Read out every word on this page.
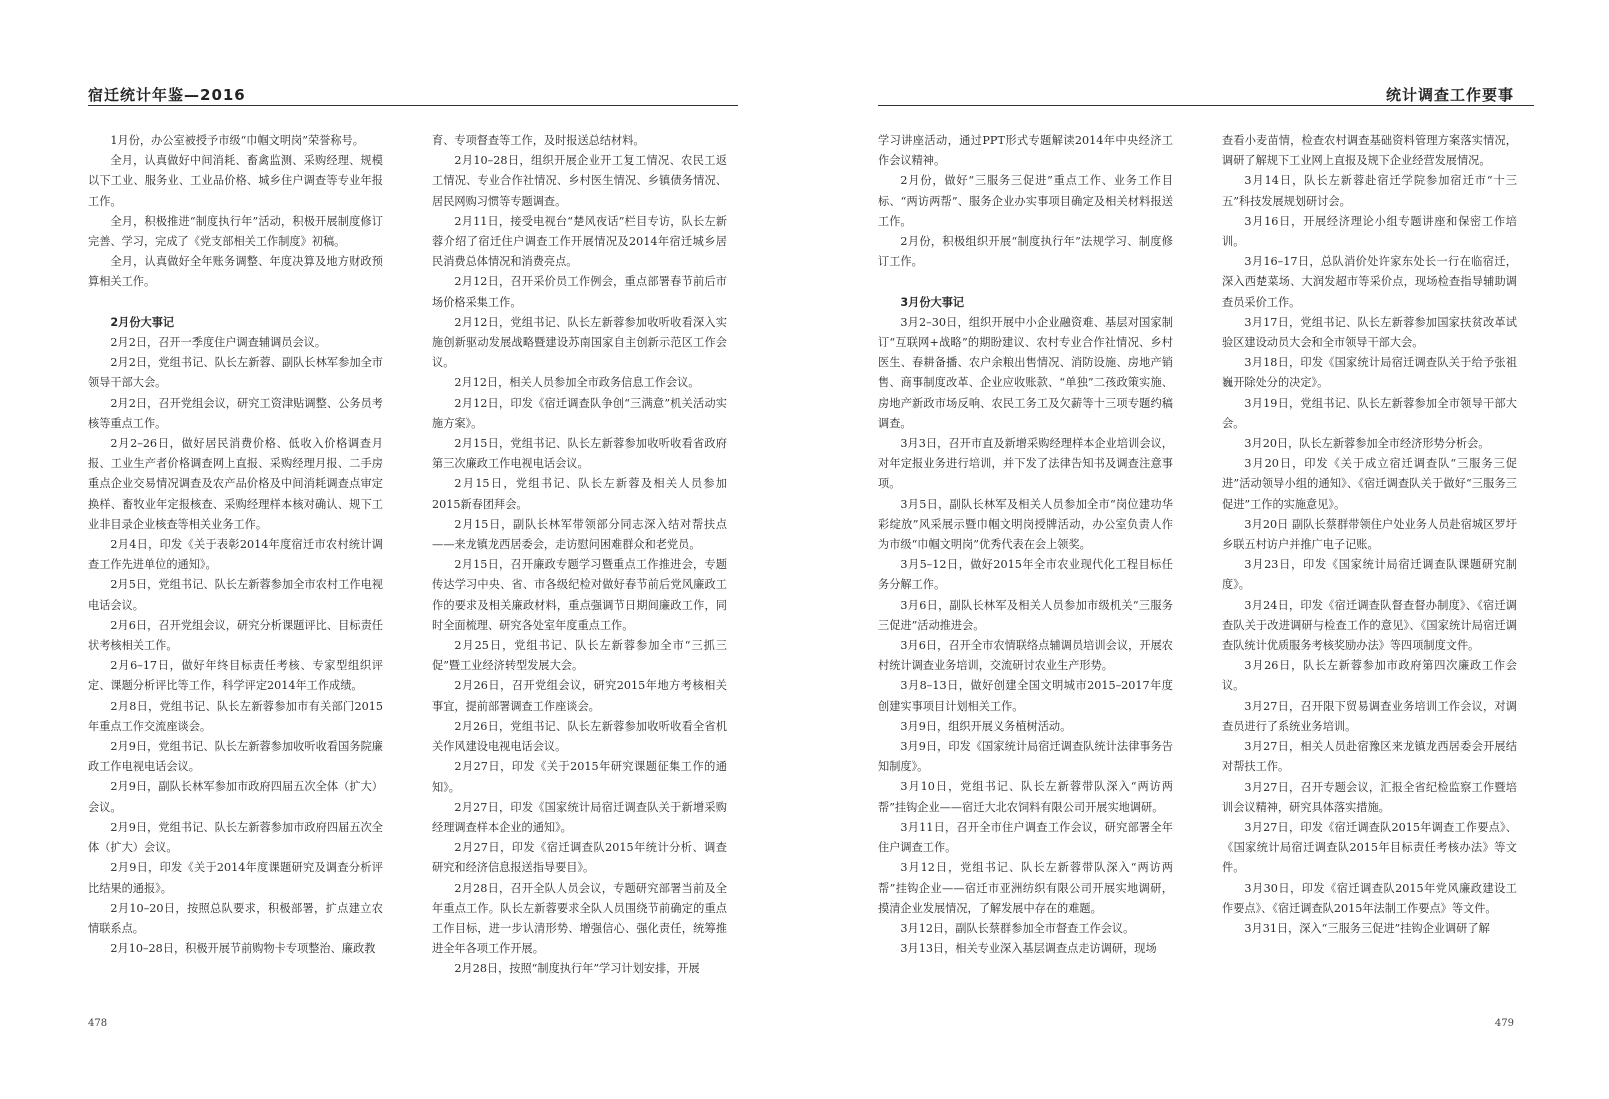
宿迁统计年鉴—2016

1月份，办公室被授予市级“巾帼文明岗”荣誉称号。

全月，认真做好中间消耗、畜禽监测、采购经理、规模以下工业、服务业、工业品价格、城乡住户调查等专业年报工作。

全月，积极推进“制度执行年”活动，积极开展制度修订完善、学习，完成了《党支部相关工作制度》初稿。

全月，认真做好全年账务调整、年度决算及地方财政预算相关工作。

2月份大事记

2月2日，召开一季度住户调查辅调员会议。

2月2日，党组书记、队长左新蓉、副队长林军参加全市领导干部大会。

2月2日，召开党组会议，研究工资津贴调整、公务员考核等重点工作。

2月2–26日，做好居民消费价格、低收入价格调查月报、工业生产者价格调查网上直报、采购经理月报、二手房重点企业交易情况调查及农产品价格及中间消耗调查点审定换样、畜牧业年定报核查、采购经理样本核对确认、规下工业非目录企业核查等相关业务工作。

2月4日，印发《关于表彰2014年度宿迁市农村统计调查工作先进单位的通知》。

2月5日，党组书记、队长左新蓉参加全市农村工作电视电话会议。

2月6日，召开党组会议，研究分析课题评比、目标责任状考核相关工作。

2月6–17日，做好年终目标责任考核、专家型组织评定、课题分析评比等工作，科学评定2014年工作成绩。

2月8日，党组书记、队长左新蓉参加市有关部门2015年重点工作交流座谈会。

2月9日，党组书记、队长左新蓉参加收听收看国务院廉政工作电视电话会议。

2月9日，副队长林军参加市政府四届五次全体（扩大）会议。

2月9日，党组书记、队长左新蓉参加市政府四届五次全体（扩大）会议。

2月9日，印发《关于2014年度课题研究及调查分析评比结果的通报》。

2月10–20日，按照总队要求，积极部署，扩点建立农情联系点。

2月10–28日，积极开展节前购物卡专项整治、廉政教

育、专项督查等工作，及时报送总结材料。

2月10–28日，组织开展企业开工复工情况、农民工返工情况、专业合作社情况、乡村医生情况、乡镇债务情况、居民网购习惯等专题调查。

2月11日，接受电视台“楚风夜话”栏目专访，队长左新蓉介绍了宿迁住户调查工作开展情况及2014年宿迁城乡居民消费总体情况和消费亮点。

2月12日，召开采价员工作例会，重点部署春节前后市场价格采集工作。

2月12日，党组书记、队长左新蓉参加收听收看深入实施创新驱动发展战略暨建设苏南国家自主创新示范区工作会议。

2月12日，相关人员参加全市政务信息工作会议。

2月12日，印发《宿迁调查队争创“三满意”机关活动实施方案》。

2月15日，党组书记、队长左新蓉参加收听收看省政府第三次廉政工作电视电话会议。

2月15日，党组书记、队长左新蓉及相关人员参加2015新春团拜会。

2月15日，副队长林军带领部分同志深入结对帮扶点——来龙镇龙西居委会，走访慰问困难群众和老党员。

2月15日，召开廉政专题学习暨重点工作推进会，专题传达学习中央、省、市各级纪检对做好春节前后党风廉政工作的要求及相关廉政材料，重点强调节日期间廉政工作，同时全面梳理、研究各处室年度重点工作。

2月25日，党组书记、队长左新蓉参加全市“三抓三促”暨工业经济转型发展大会。

2月26日，召开党组会议，研究2015年地方考核相关事宜，提前部署调查工作座谈会。

2月26日，党组书记、队长左新蓉参加收听收看全省机关作风建设电视电话会议。

2月27日，印发《关于2015年研究课题征集工作的通知》。

2月27日，印发《国家统计局宿迁调查队关于新增采购经理调查样本企业的通知》。

2月27日，印发《宿迁调查队2015年统计分析、调查研究和经济信息报送指导要目》。

2月28日，召开全队人员会议，专题研究部署当前及全年重点工作。队长左新蓉要求全队人员围绕节前确定的重点工作目标，进一步认清形势、增强信心、强化责任，统筹推进全年各项工作开展。

2月28日，按照“制度执行年”学习计划安排，开展

478
统计调查工作要事

学习讲座活动，通过PPT形式专题解读2014年中央经济工作会议精神。

2月份，做好“三服务三促进”重点工作、业务工作目标、“两访两帮”、服务企业办实事项目确定及相关材料报送工作。

2月份，积极组织开展“制度执行年”法规学习、制度修订工作。

3月份大事记

3月2–30日，组织开展中小企业融资难、基层对国家制订“互联网+战略”的期盼建议、农村专业合作社情况、乡村医生、春耕备播、农户余粮出售情况、消防设施、房地产销售、商事制度改革、企业应收账款、“单独”二孩政策实施、房地产新政市场反响、农民工务工及欠薪等十三项专题约稿调查。

3月3日，召开市直及新增采购经理样本企业培训会议，对年定报业务进行培训，并下发了法律告知书及调查注意事项。

3月5日，副队长林军及相关人员参加全市“岗位建功华彩绽放”风采展示暨巾帼文明岗授牌活动，办公室负责人作为市级“巾帼文明岗”优秀代表在会上领奖。

3月5–12日，做好2015年全市农业现代化工程目标任务分解工作。

3月6日，副队长林军及相关人员参加市级机关“三服务三促进”活动推进会。

3月6日，召开全市农情联络点辅调员培训会议，开展农村统计调查业务培训，交流研讨农业生产形势。

3月8–13日，做好创建全国文明城市2015–2017年度创建实事项目计划相关工作。

3月9日，组织开展义务植树活动。

3月9日，印发《国家统计局宿迁调查队统计法律事务告知制度》。

3月10日，党组书记、队长左新蓉带队深入“两访两帮”挂钩企业——宿迁大北农饲料有限公司开展实地调研。

3月11日，召开全市住户调查工作会议，研究部署全年住户调查工作。

3月12日，党组书记、队长左新蓉带队深入“两访两帮”挂钩企业——宿迁市亚洲纺织有限公司开展实地调研，摸清企业发展情况，了解发展中存在的难题。

3月12日，副队长蔡群参加全市督查工作会议。

3月13日，相关专业深入基层调查点走访调研，现场

查看小麦苗情，检查农村调查基础资料管理方案落实情况，调研了解规下工业网上直报及规下企业经营发展情况。

3月14日，队长左新蓉赴宿迁学院参加宿迁市“十三五”科技发展规划研讨会。

3月16日，开展经济理论小组专题讲座和保密工作培训。

3月16–17日，总队消价处许家东处长一行在临宿迁，深入西楚菜场、大润发超市等采价点，现场检查指导辅助调查员采价工作。

3月17日，党组书记、队长左新蓉参加国家扶贫改革试验区建设动员大会和全市领导干部大会。

3月18日，印发《国家统计局宿迁调查队关于给予张祖巍开除处分的决定》。

3月19日，党组书记、队长左新蓉参加全市领导干部大会。

3月20日，队长左新蓉参加全市经济形势分析会。

3月20日，印发《关于成立宿迁调查队“三服务三促进”活动领导小组的通知》、《宿迁调查队关于做好“三服务三促进”工作的实施意见》。

3月20日 副队长蔡群带领住户处业务人员赴宿城区罗圩乡联五村访户并推广电子记账。

3月23日，印发《国家统计局宿迁调查队课题研究制度》。

3月24日，印发《宿迁调查队督查督办制度》、《宿迁调查队关于改进调研与检查工作的意见》、《国家统计局宿迁调查队统计优质服务考核奖励办法》等四项制度文件。

3月26日，队长左新蓉参加市政府第四次廉政工作会议。

3月27日，召开限下贸易调查业务培训工作会议，对调查员进行了系统业务培训。

3月27日，相关人员赴宿豫区来龙镇龙西居委会开展结对帮扶工作。

3月27日，召开专题会议，汇报全省纪检监察工作暨培训会议精神，研究具体落实措施。

3月27日，印发《宿迁调查队2015年调查工作要点》、《国家统计局宿迁调查队2015年目标责任考核办法》等文件。

3月30日，印发《宿迁调查队2015年党风廉政建设工作要点》、《宿迁调查队2015年法制工作要点》等文件。

3月31日，深入“三服务三促进”挂钩企业调研了解

479
